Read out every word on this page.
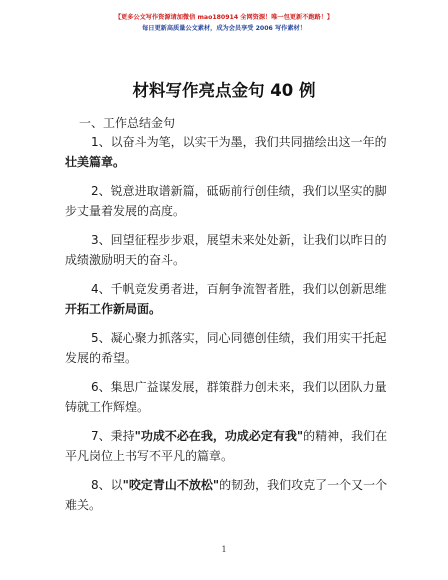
【更多公文写作资源请加微信 mao180914 全网资源！唯一包更新不跑路！】
每日更新高质量公文素材，成为会员享受 2006 写作素材！
材料写作亮点金句 40 例
一、工作总结金句
1、以奋斗为笔，以实干为墨，我们共同描绘出这一年的
壮美篇章。
2、锐意进取谱新篇，砥砺前行创佳绩，我们以坚实的脚
步丈量着发展的高度。
3、回望征程步步艰，展望未来处处新，让我们以昨日的
成绩激励明天的奋斗。
4、千帆竞发勇者进，百舸争流智者胜，我们以创新思维
开拓工作新局面。
5、凝心聚力抓落实，同心同德创佳绩，我们用实干托起
发展的希望。
6、集思广益谋发展，群策群力创未来，我们以团队力量
铸就工作辉煌。
7、秉持"功成不必在我，功成必定有我"的精神，我们在
平凡岗位上书写不平凡的篇章。
8、以"咬定青山不放松"的韧劲，我们攻克了一个又一个
难关。
1
